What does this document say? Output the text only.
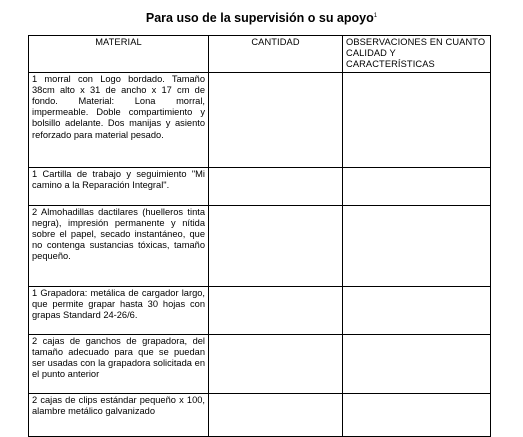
Para uso de la supervisión o su apoyo$^1$
MATERIAL	CANTIDAD	OBSERVACIONES EN CUANTO CALIDAD Y CARACTERÍSTICAS
1 morral con Logo bordado. Tamaño 38cm alto x 31 de ancho x 17 cm de fondo. Material: Lona morral, impermeable. Doble compartimiento y bolsillo adelante. Dos manijas y asiento reforzado para material pesado.		
1 Cartilla de trabajo y seguimiento "Mi camino a la Reparación Integral".		
2 Almohadillas dactilares (huelleros tinta negra), impresión permanente y nítida sobre el papel, secado instantáneo, que no contenga sustancias tóxicas, tamaño pequeño.		
1 Grapadora: metálica de cargador largo, que permite grapar hasta 30 hojas con grapas Standard 24-26/6.		
2 cajas de ganchos de grapadora, del tamaño adecuado para que se puedan ser usadas con la grapadora solicitada en el punto anterior		
2 cajas de clips estándar pequeño x 100, alambre metálico galvanizado		
